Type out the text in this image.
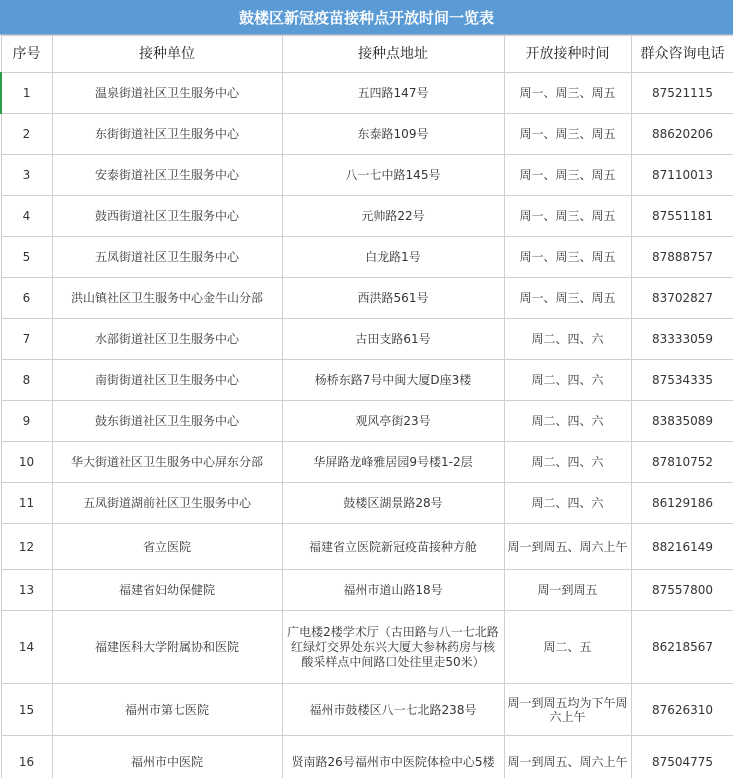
鼓楼区新冠疫苗接种点开放时间一览表
序号	接种单位	接种点地址	开放接种时间	群众咨询电话
1	温泉街道社区卫生服务中心	五四路147号	周一、周三、周五	87521115
2	东街街道社区卫生服务中心	东泰路109号	周一、周三、周五	88620206
3	安泰街道社区卫生服务中心	八一七中路145号	周一、周三、周五	87110013
4	鼓西街道社区卫生服务中心	元帅路22号	周一、周三、周五	87551181
5	五凤街道社区卫生服务中心	白龙路1号	周一、周三、周五	87888757
6	洪山镇社区卫生服务中心金牛山分部	西洪路561号	周一、周三、周五	83702827
7	水部街道社区卫生服务中心	古田支路61号	周二、四、六	83333059
8	南街街道社区卫生服务中心	杨桥东路7号中闽大厦D座3楼	周二、四、六	87534335
9	鼓东街道社区卫生服务中心	观风亭街23号	周二、四、六	83835089
10	华大街道社区卫生服务中心屏东分部	华屏路龙峰雅居园9号楼1-2层	周二、四、六	87810752
11	五凤街道湖前社区卫生服务中心	鼓楼区湖景路28号	周二、四、六	86129186
12	省立医院	福建省立医院新冠疫苗接种方舱	周一到周五、周六上午	88216149
13	福建省妇幼保健院	福州市道山路18号	周一到周五	87557800
14	福建医科大学附属协和医院	广电楼2楼学术厅（古田路与八一七北路红绿灯交界处东兴大厦大参林药房与核酸采样点中间路口处往里走50米）	周二、五	86218567
15	福州市第七医院	福州市鼓楼区八一七北路238号	周一到周五均为下午周六上午	87626310
16	福州市中医院	贤南路26号福州市中医院体检中心5楼	周一到周五、周六上午	87504775
